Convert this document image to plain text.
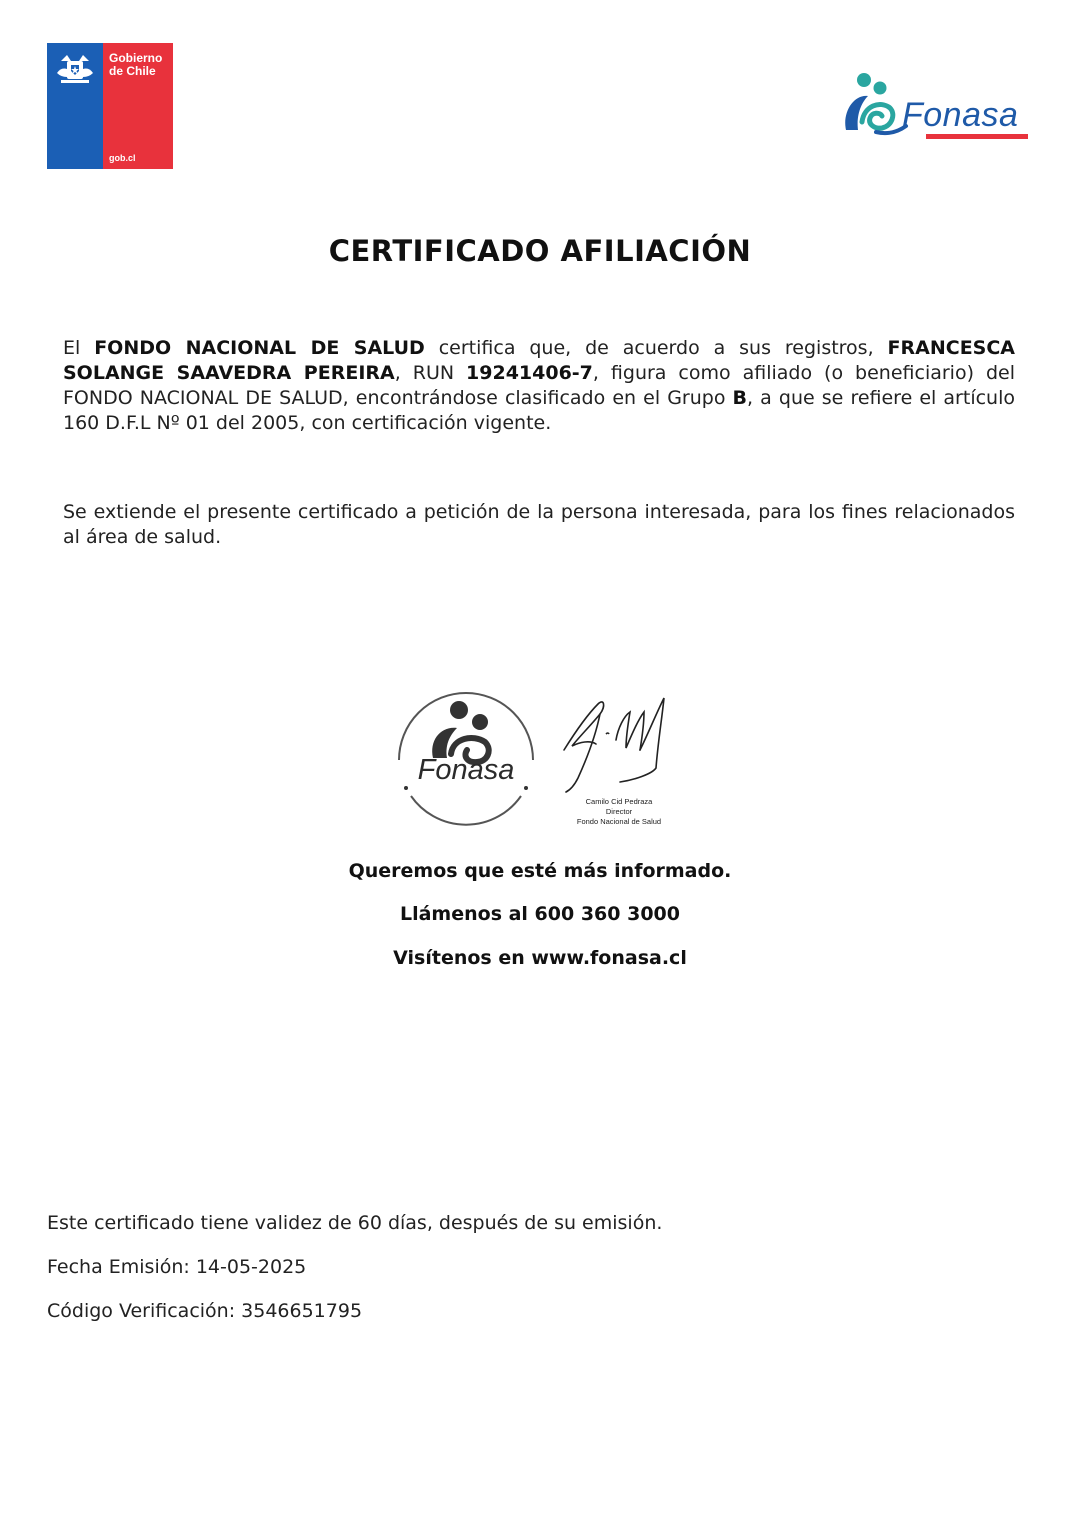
Gobierno
de Chile
gob.cl
Fonasa
CERTIFICADO AFILIACIÓN

El FONDO NACIONAL DE SALUD certifica que, de acuerdo a sus registros, FRANCESCA SOLANGE SAAVEDRA PEREIRA, RUN 19241406-7, figura como afiliado (o beneficiario) del FONDO NACIONAL DE SALUD, encontrándose clasificado en el Grupo B, a que se refiere el artículo 160 D.F.L Nº 01 del 2005, con certificación vigente.

Se extiende el presente certificado a petición de la persona interesada, para los fines relacionados al área de salud.

Fonasa
Camilo Cid Pedraza
Director
Fondo Nacional de Salud

Queremos que esté más informado.

Llámenos al 600 360 3000

Visítenos en www.fonasa.cl

Este certificado tiene validez de 60 días, después de su emisión.

Fecha Emisión: 14-05-2025

Código Verificación: 3546651795
